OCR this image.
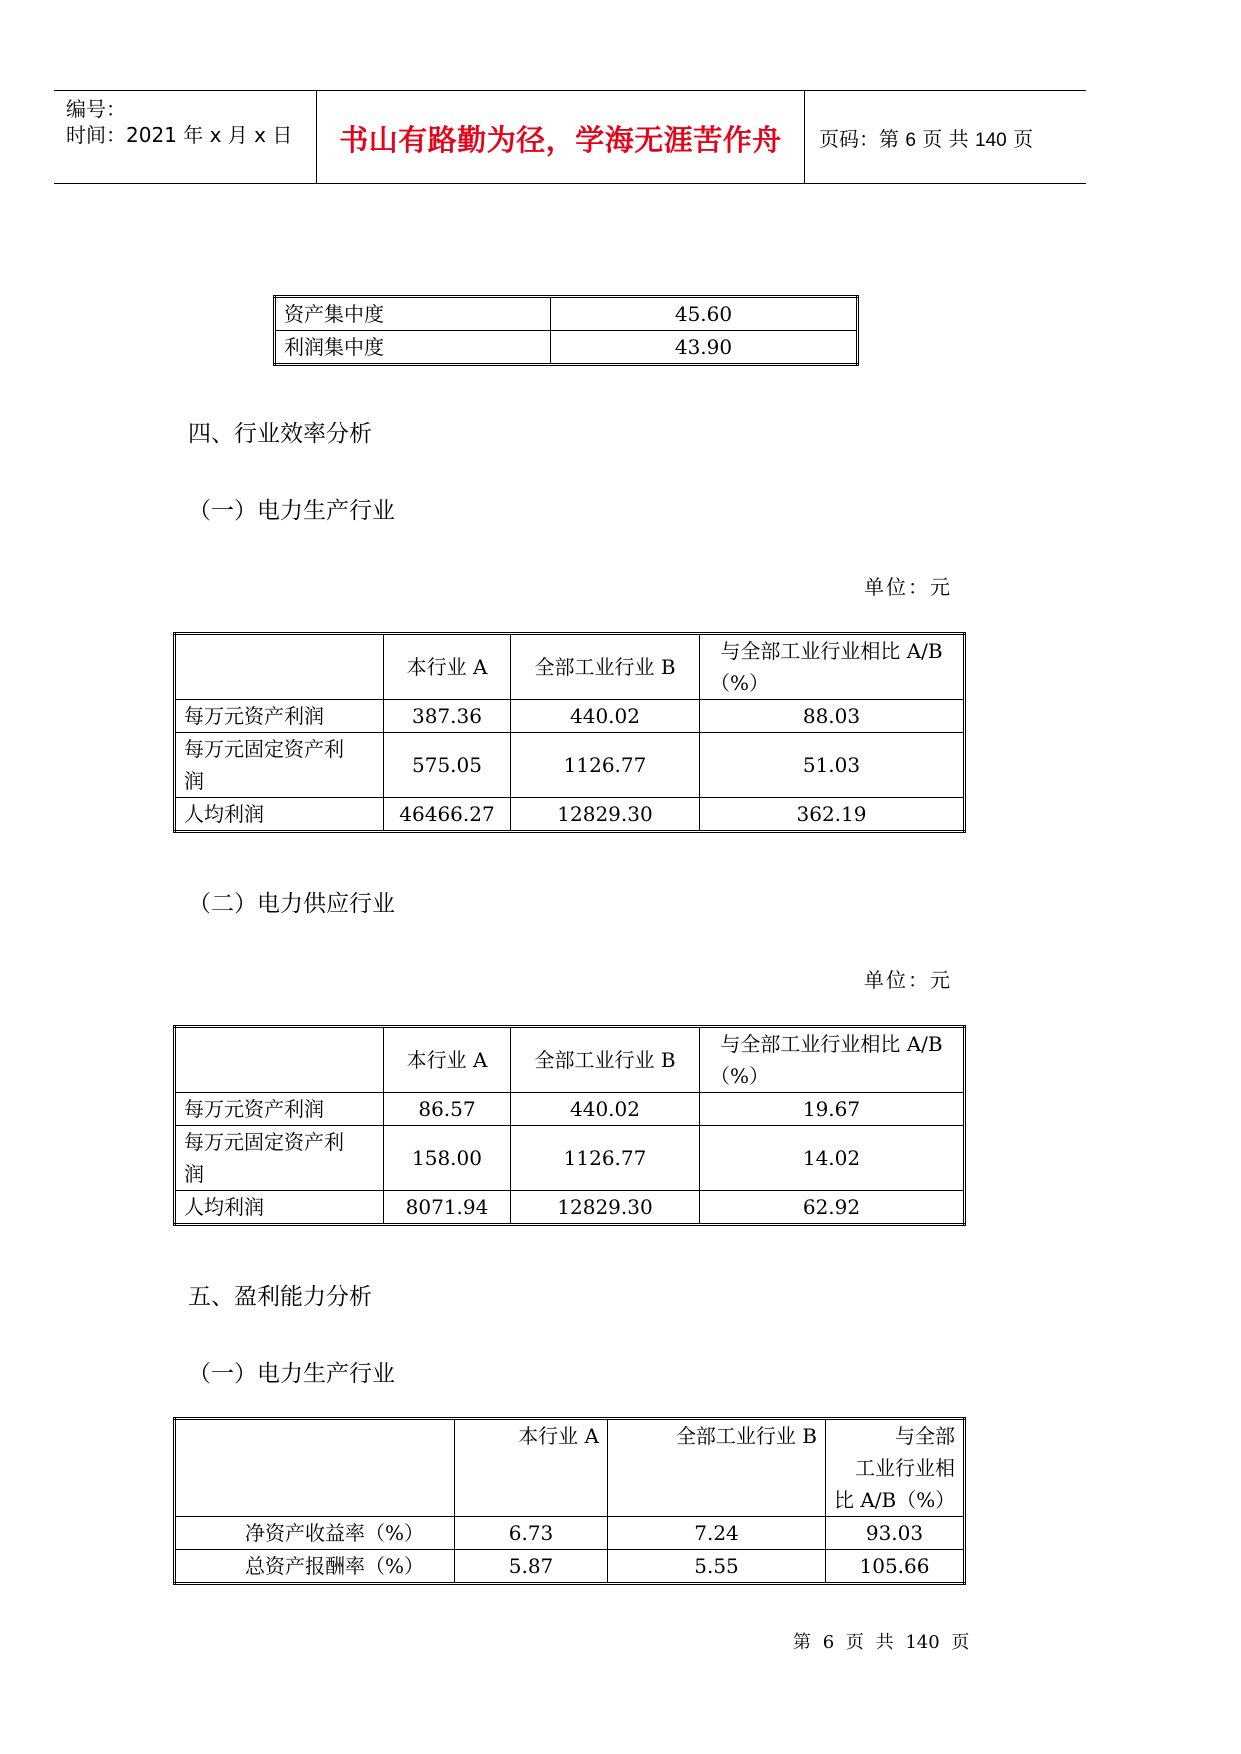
编号：
时间：2021 年 x 月 x 日	书山有路勤为径，学海无涯苦作舟	页码：第 6 页 共 140 页
资产集中度	45.60
利润集中度	43.90
四、行业效率分析
（一）电力生产行业
单位：元
	本行业 A	全部工业行业 B	与全部工业行业相比 A/B
（%）

每万元资产利润	387.36	440.02	88.03

每万元固定资产利
润	575.05	1126.77	51.03
人均利润	46466.27	12829.30	362.19
（二）电力供应行业
单位：元
	本行业 A	全部工业行业 B	与全部工业行业相比 A/B
（%）

每万元资产利润	86.57	440.02	19.67

每万元固定资产利
润	158.00	1126.77	14.02
人均利润	8071.94	12829.30	62.92
五、盈利能力分析
（一）电力生产行业
	本行业 A	全部工业行业 B	与全部
工业行业相
比 A/B（%）

净资产收益率（%）	6.73	7.24	93.03
总资产报酬率（%）	5.87	5.55	105.66
第 6 页 共 140 页
